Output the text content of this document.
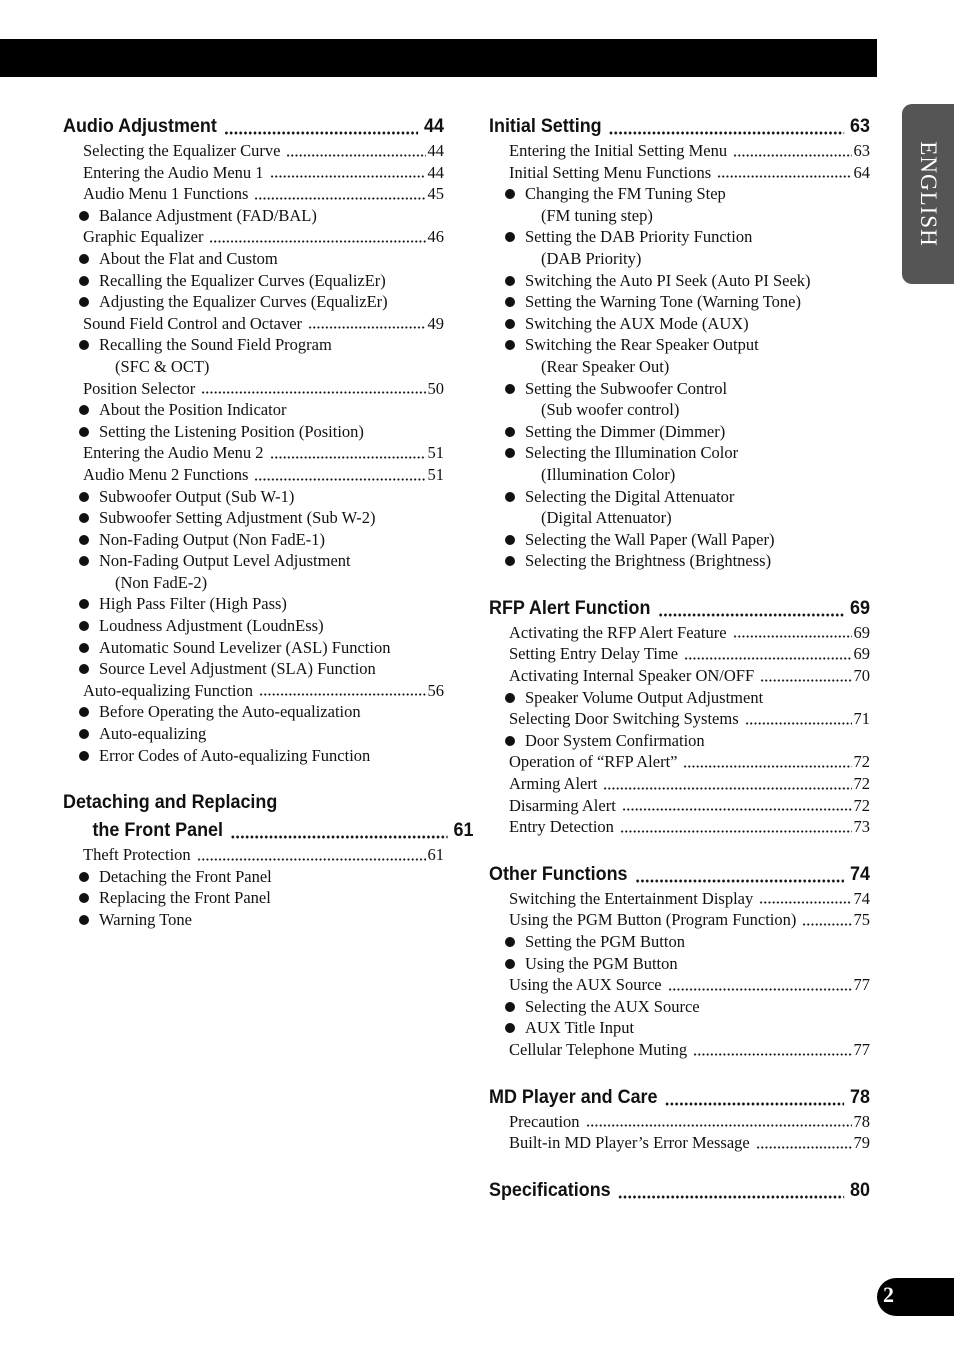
ENGLISH
Audio Adjustment	44
Selecting the Equalizer Curve	44
Entering the Audio Menu 1	44
Audio Menu 1 Functions	45
Balance Adjustment (FAD/BAL)
Graphic Equalizer	46
About the Flat and Custom
Recalling the Equalizer Curves (EqualizEr)
Adjusting the Equalizer Curves (EqualizEr)
Sound Field Control and Octaver	49
Recalling the Sound Field Program
(SFC & OCT)
Position Selector	50
About the Position Indicator
Setting the Listening Position (Position)
Entering the Audio Menu 2	51
Audio Menu 2 Functions	51
Subwoofer Output (Sub W-1)
Subwoofer Setting Adjustment (Sub W-2)
Non-Fading Output (Non FadE-1)
Non-Fading Output Level Adjustment
(Non FadE-2)
High Pass Filter (High Pass)
Loudness Adjustment (LoudnEss)
Automatic Sound Levelizer (ASL) Function
Source Level Adjustment (SLA) Function
Auto-equalizing Function	56
Before Operating the Auto-equalization
Auto-equalizing
Error Codes of Auto-equalizing Function
Detaching and Replacing
the Front Panel	61
Theft Protection	61
Detaching the Front Panel
Replacing the Front Panel
Warning Tone
Initial Setting	63
Entering the Initial Setting Menu	63
Initial Setting Menu Functions	64
Changing the FM Tuning Step
(FM tuning step)
Setting the DAB Priority Function
(DAB Priority)
Switching the Auto PI Seek (Auto PI Seek)
Setting the Warning Tone (Warning Tone)
Switching the AUX Mode (AUX)
Switching the Rear Speaker Output
(Rear Speaker Out)
Setting the Subwoofer Control
(Sub woofer control)
Setting the Dimmer (Dimmer)
Selecting the Illumination Color
(Illumination Color)
Selecting the Digital Attenuator
(Digital Attenuator)
Selecting the Wall Paper (Wall Paper)
Selecting the Brightness (Brightness)
RFP Alert Function	69
Activating the RFP Alert Feature	69
Setting Entry Delay Time	69
Activating Internal Speaker ON/OFF	70
Speaker Volume Output Adjustment
Selecting Door Switching Systems	71
Door System Confirmation
Operation of “RFP Alert”	72
Arming Alert	72
Disarming Alert	72
Entry Detection	73
Other Functions	74
Switching the Entertainment Display	74
Using the PGM Button (Program Function)	75
Setting the PGM Button
Using the PGM Button
Using the AUX Source	77
Selecting the AUX Source
AUX Title Input
Cellular Telephone Muting	77
MD Player and Care	78
Precaution	78
Built-in MD Player’s Error Message	79
Specifications	80
2
